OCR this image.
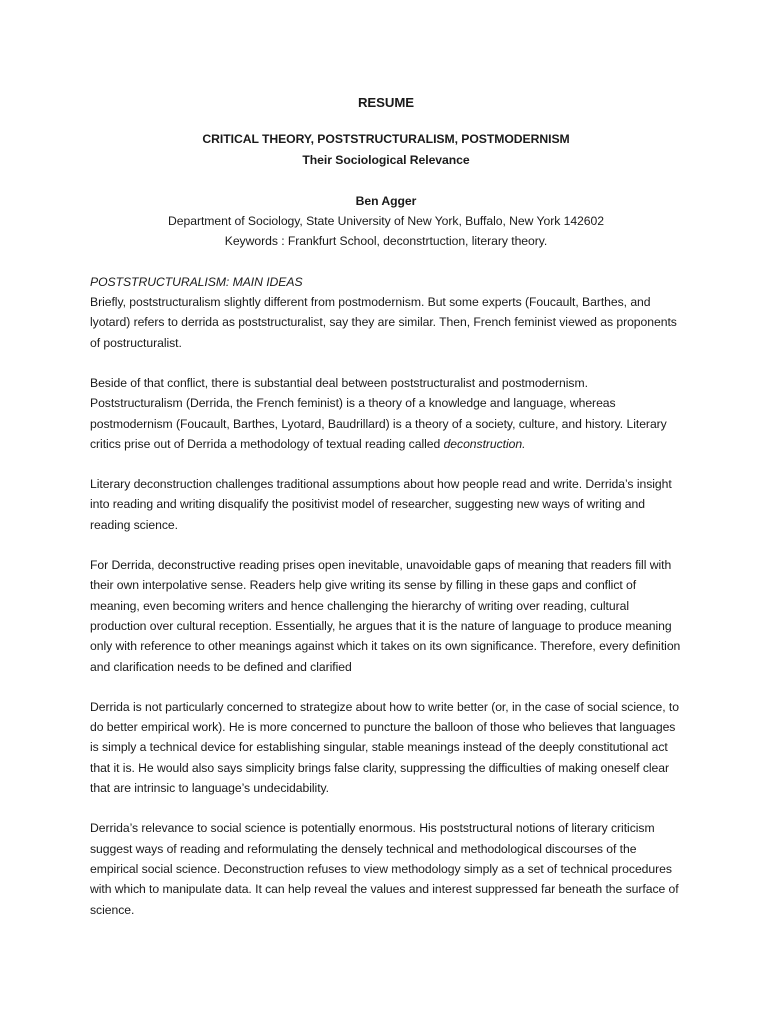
RESUME

CRITICAL THEORY, POSTSTRUCTURALISM, POSTMODERNISM

Their Sociological Relevance

Ben Agger

Department of Sociology, State University of New York, Buffalo, New York 142602

Keywords : Frankfurt School, deconstrtuction, literary theory.

POSTSTRUCTURALISM: MAIN IDEAS

Briefly, poststructuralism slightly different from postmodernism. But some experts (Foucault, Barthes, and lyotard) refers to derrida as poststructuralist, say they are similar. Then, French feminist viewed as proponents of postructuralist.

Beside of that conflict, there is substantial deal between poststructuralist and postmodernism. Poststructuralism (Derrida, the French feminist) is a theory of a knowledge and language, whereas postmodernism (Foucault, Barthes, Lyotard, Baudrillard) is a theory of a society, culture, and history. Literary critics prise out of Derrida a methodology of textual reading called deconstruction.

Literary deconstruction challenges traditional assumptions about how people read and write. Derrida’s insight into reading and writing disqualify the positivist model of researcher, suggesting new ways of writing and reading science.

For Derrida, deconstructive reading prises open inevitable, unavoidable gaps of meaning that readers fill with their own interpolative sense. Readers help give writing its sense by filling in these gaps and conflict of meaning, even becoming writers and hence challenging the hierarchy of writing over reading, cultural production over cultural reception. Essentially, he argues that it is the nature of language to produce meaning only with reference to other meanings against which it takes on its own significance. Therefore, every definition and clarification needs to be defined and clarified

Derrida is not particularly concerned to strategize about how to write better (or, in the case of social science, to do better empirical work). He is more concerned to puncture the balloon of those who believes that languages is simply a technical device for establishing singular, stable meanings instead of the deeply constitutional act that it is. He would also says simplicity brings false clarity, suppressing the difficulties of making oneself clear that are intrinsic to language’s undecidability.

Derrida’s relevance to social science is potentially enormous. His poststructural notions of literary criticism suggest ways of reading and reformulating the densely technical and methodological discourses of the empirical social science. Deconstruction refuses to view methodology simply as a set of technical procedures with which to manipulate data. It can help reveal the values and interest suppressed far beneath the surface of science.
